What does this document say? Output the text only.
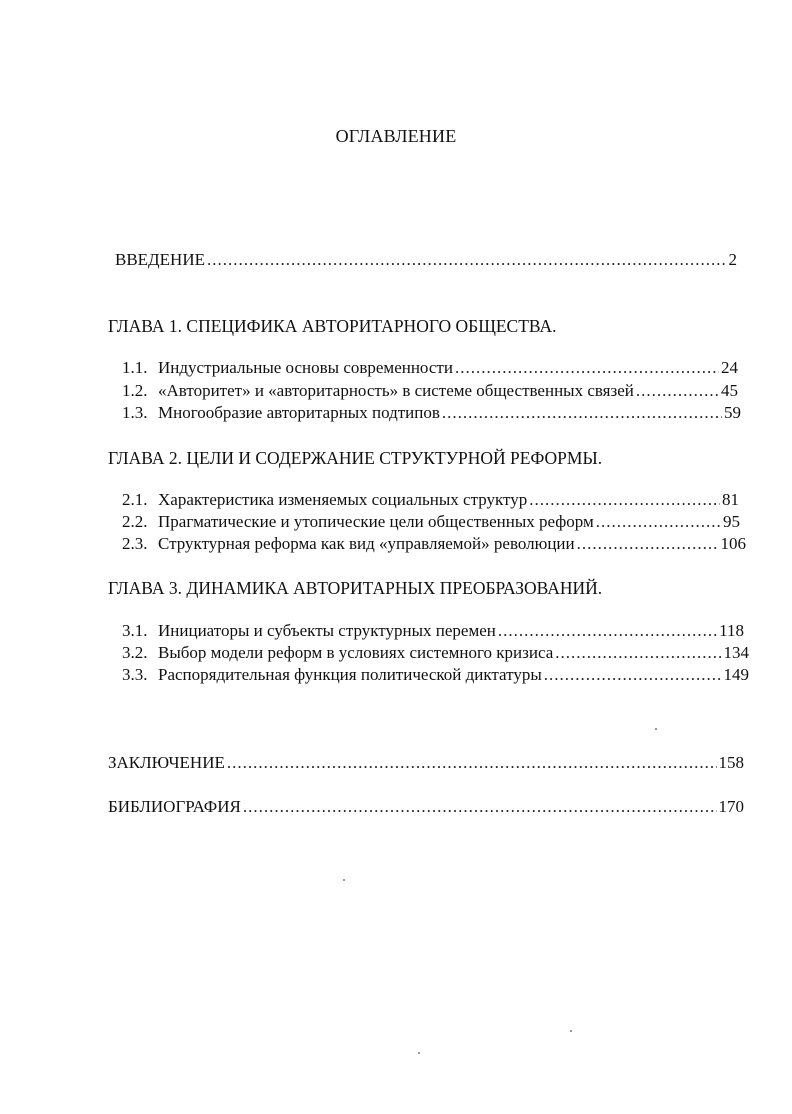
ОГЛАВЛЕНИЕ
ВВЕДЕНИЕ .....	2
ГЛАВА 1. СПЕЦИФИКА АВТОРИТАРНОГО ОБЩЕСТВА.
1.1. Индустриальные основы современности .....	24
1.2. «Авторитет» и «авторитарность» в системе общественных связей .....	45
1.3. Многообразие авторитарных подтипов .....	59
ГЛАВА 2. ЦЕЛИ И СОДЕРЖАНИЕ СТРУКТУРНОЙ РЕФОРМЫ.
2.1. Характеристика изменяемых социальных структур .....	81
2.2. Прагматические и утопические цели общественных реформ .....	95
2.3. Структурная реформа как вид «управляемой» революции .....	106
ГЛАВА 3. ДИНАМИКА АВТОРИТАРНЫХ ПРЕОБРАЗОВАНИЙ.
3.1. Инициаторы и субъекты структурных перемен .....	118
3.2. Выбор модели реформ в условиях системного кризиса .....	134
3.3. Распорядительная функция политической диктатуры .....	149
ЗАКЛЮЧЕНИЕ .....	158
БИБЛИОГРАФИЯ .....	170
